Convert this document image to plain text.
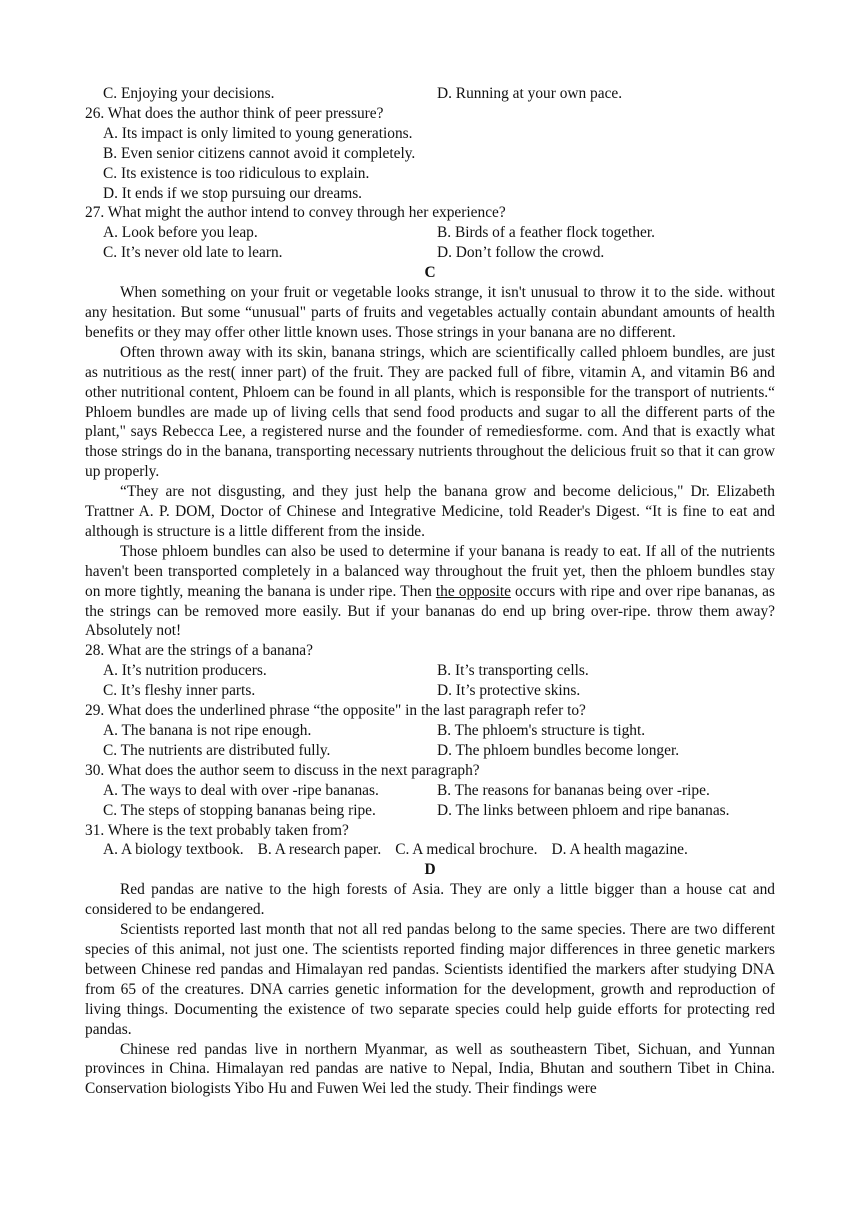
C. Enjoying your decisions.	D. Running at your own pace.
26. What does the author think of peer pressure?
A. Its impact is only limited to young generations.
B. Even senior citizens cannot avoid it completely.
C. Its existence is too ridiculous to explain.
D. It ends if we stop pursuing our dreams.
27. What might the author intend to convey through her experience?
A. Look before you leap.	B. Birds of a feather flock together.
C. It’s never old late to learn.	D. Don’t follow the crowd.
C
When something on your fruit or vegetable looks strange, it isn't unusual to throw it to the side. without any hesitation. But some “unusual" parts of fruits and vegetables actually contain abundant amounts of health benefits or they may offer other little known uses. Those strings in your banana are no different.
Often thrown away with its skin, banana strings, which are scientifically called phloem bundles, are just as nutritious as the rest( inner part) of the fruit. They are packed full of fibre, vitamin A, and vitamin B6 and other nutritional content, Phloem can be found in all plants, which is responsible for the transport of nutrients.“ Phloem bundles are made up of living cells that send food products and sugar to all the different parts of the plant," says Rebecca Lee, a registered nurse and the founder of remediesforme. com. And that is exactly what those strings do in the banana, transporting necessary nutrients throughout the delicious fruit so that it can grow up properly.
“They are not disgusting, and they just help the banana grow and become delicious," Dr. Elizabeth Trattner A. P. DOM, Doctor of Chinese and Integrative Medicine, told Reader's Digest. “It is fine to eat and although is structure is a little different from the inside.
Those phloem bundles can also be used to determine if your banana is ready to eat. If all of the nutrients haven't been transported completely in a balanced way throughout the fruit yet, then the phloem bundles stay on more tightly, meaning the banana is under ripe. Then the opposite occurs with ripe and over ripe bananas, as the strings can be removed more easily. But if your bananas do end up bring over-ripe. throw them away? Absolutely not!
28. What are the strings of a banana?
A. It’s nutrition producers.	B. It’s transporting cells.
C. It’s fleshy inner parts.	D. It’s protective skins.
29. What does the underlined phrase “the opposite" in the last paragraph refer to?
A. The banana is not ripe enough.	B. The phloem's structure is tight.
C. The nutrients are distributed fully.	D. The phloem bundles become longer.
30. What does the author seem to discuss in the next paragraph?
A. The ways to deal with over -ripe bananas.	B. The reasons for bananas being over -ripe.
C. The steps of stopping bananas being ripe.	D. The links between phloem and ripe bananas.
31. Where is the text probably taken from?
A. A biology textbook. B. A research paper. C. A medical brochure. D. A health magazine.
D
Red pandas are native to the high forests of Asia. They are only a little bigger than a house cat and considered to be endangered.
Scientists reported last month that not all red pandas belong to the same species. There are two different species of this animal, not just one. The scientists reported finding major differences in three genetic markers between Chinese red pandas and Himalayan red pandas. Scientists identified the markers after studying DNA from 65 of the creatures. DNA carries genetic information for the development, growth and reproduction of living things. Documenting the existence of two separate species could help guide efforts for protecting red pandas.
Chinese red pandas live in northern Myanmar, as well as southeastern Tibet, Sichuan, and Yunnan provinces in China. Himalayan red pandas are native to Nepal, India, Bhutan and southern Tibet in China. Conservation biologists Yibo Hu and Fuwen Wei led the study. Their findings were
